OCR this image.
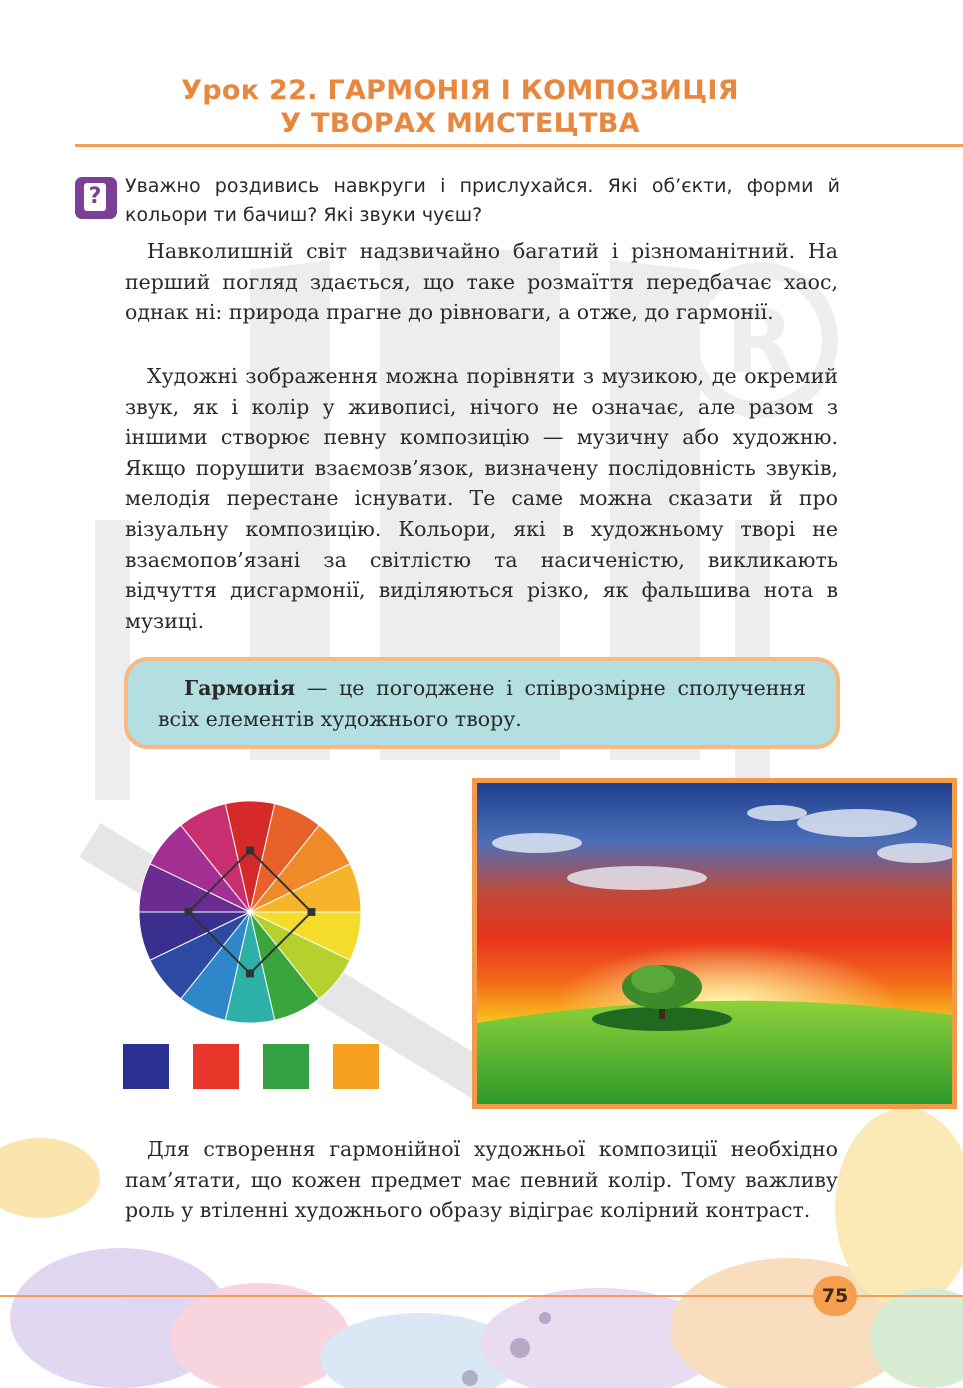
R
Урок 22. ГАРМОНІЯ І КОМПОЗИЦІЯ
У ТВОРАХ МИСТЕЦТВА
? Уважно роздивись навкруги і прислухайся. Які об’єкти, форми й кольори ти бачиш? Які звуки чуєш?
Навколишній світ надзвичайно багатий і різноманітний. На перший погляд здається, що таке розмаїття передбачає хаос, однак ні: природа прагне до рівноваги, а отже, до гармонії.
Художні зображення можна порівняти з музикою, де окремий звук, як і колір у живописі, нічого не означає, але разом з іншими створює певну композицію — музичну або художню. Якщо порушити взаємозв’язок, визначену послідовність звуків, мелодія перестане існувати. Те саме можна сказати й про візуальну композицію. Кольори, які в художньому творі не взаємопов’язані за світлістю та насиченістю, викликають відчуття дисгармонії, виділяються різко, як фальшива нота в музиці.
Гармонія — це погоджене і співрозмірне сполучення всіх елементів художнього твору.
Для створення гармонійної художньої композиції необхідно пам’ятати, що кожен предмет має певний колір. Тому важливу роль у втіленні художнього образу відіграє колірний контраст.
75
